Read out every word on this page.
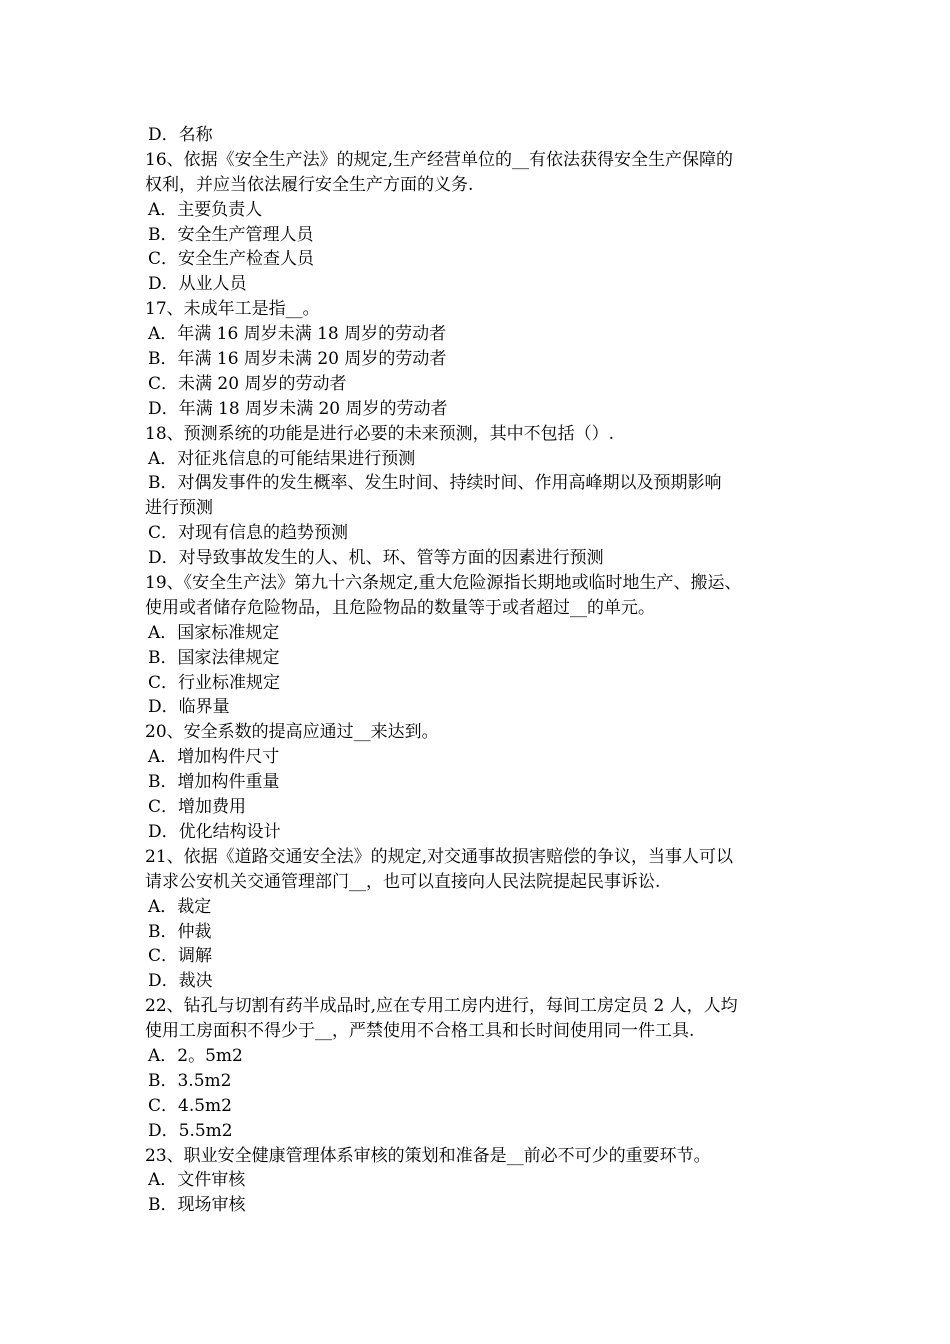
D．名称
16、依据《安全生产法》的规定,生产经营单位的__有依法获得安全生产保障的
权利，并应当依法履行安全生产方面的义务.
A．主要负责人
B．安全生产管理人员
C．安全生产检查人员
D．从业人员
17、未成年工是指__。
A．年满 16 周岁未满 18 周岁的劳动者
B．年满 16 周岁未满 20 周岁的劳动者
C．未满 20 周岁的劳动者
D．年满 18 周岁未满 20 周岁的劳动者
18、预测系统的功能是进行必要的未来预测，其中不包括（）.
A．对征兆信息的可能结果进行预测
B．对偶发事件的发生概率、发生时间、持续时间、作用高峰期以及预期影响
进行预测
C．对现有信息的趋势预测
D．对导致事故发生的人、机、环、管等方面的因素进行预测
19、《安全生产法》第九十六条规定,重大危险源指长期地或临时地生产、搬运、
使用或者储存危险物品，且危险物品的数量等于或者超过__的单元。
A．国家标准规定
B．国家法律规定
C．行业标准规定
D．临界量
20、安全系数的提高应通过__来达到。
A．增加构件尺寸
B．增加构件重量
C．增加费用
D．优化结构设计
21、依据《道路交通安全法》的规定,对交通事故损害赔偿的争议，当事人可以
请求公安机关交通管理部门__，也可以直接向人民法院提起民事诉讼.
A．裁定
B．仲裁
C．调解
D．裁决
22、钻孔与切割有药半成品时,应在专用工房内进行，每间工房定员 2 人，人均
使用工房面积不得少于__，严禁使用不合格工具和长时间使用同一件工具.
A．2。5m2
B．3.5m2
C．4.5m2
D．5.5m2
23、职业安全健康管理体系审核的策划和准备是__前必不可少的重要环节。
A．文件审核
B．现场审核
